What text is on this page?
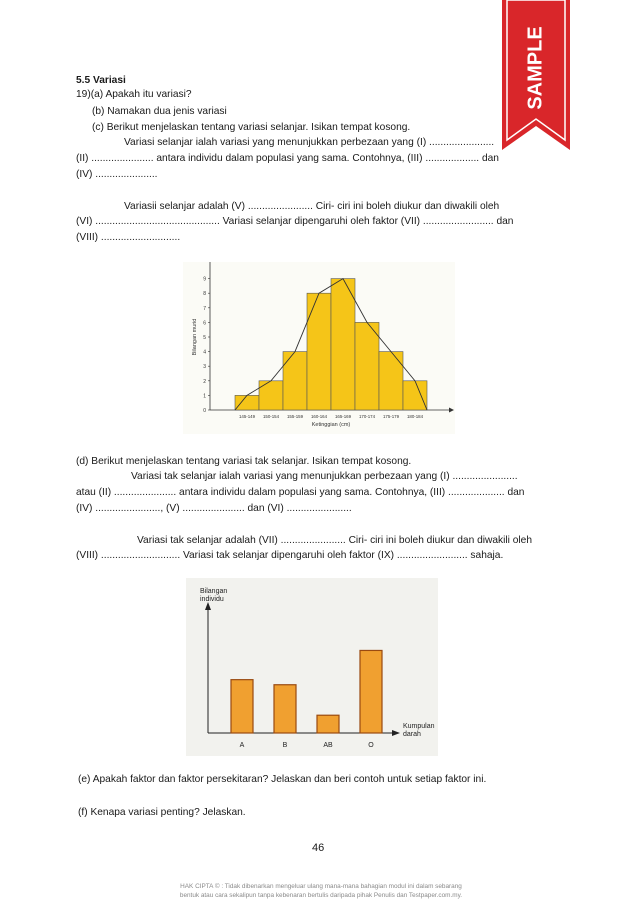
SAMPLE
5.5 Variasi
19)(a) Apakah itu variasi?
(b) Namakan dua jenis variasi
(c) Berikut menjelaskan tentang variasi selanjar. Isikan tempat kosong.
Variasi selanjar ialah variasi yang menunjukkan perbezaan yang (I) .......................
(II) ...................... antara individu dalam populasi yang sama. Contohnya, (III) ................... dan
(IV) ......................
Variasii selanjar adalah (V) ....................... Ciri- ciri ini boleh diukur dan diwakili oleh
(VI) ............................................ Variasi selanjar dipengaruhi oleh faktor (VII) ......................... dan
(VIII) ............................
0
1
2
3
4
5
6
7
8
9
145-149 150-154 155-159 160-164 165-169 170-174 175-179 180-184
Ketinggian (cm)
Bilangan murid
(d) Berikut menjelaskan tentang variasi tak selanjar. Isikan tempat kosong.
Variasi tak selanjar ialah variasi yang menunjukkan perbezaan yang (I) .......................
atau (II) ...................... antara individu dalam populasi yang sama. Contohnya, (III) .................... dan
(IV) ......................., (V) ...................... dan (VI) .......................
Variasi tak selanjar adalah (VII) ....................... Ciri- ciri ini boleh diukur dan diwakili oleh
(VIII) ............................ Variasi tak selanjar dipengaruhi oleh faktor (IX) ......................... sahaja.
Bilangan
individu
Kumpulan
darah
A	B	AB	O
(e) Apakah faktor dan faktor persekitaran? Jelaskan dan beri contoh untuk setiap faktor ini.
(f) Kenapa variasi penting? Jelaskan.
46
HAK CIPTA © : Tidak dibenarkan mengeluar ulang mana-mana bahagian modul ini dalam sebarang
bentuk atau cara sekalipun tanpa kebenaran bertulis daripada pihak Penulis dan Testpaper.com.my.
